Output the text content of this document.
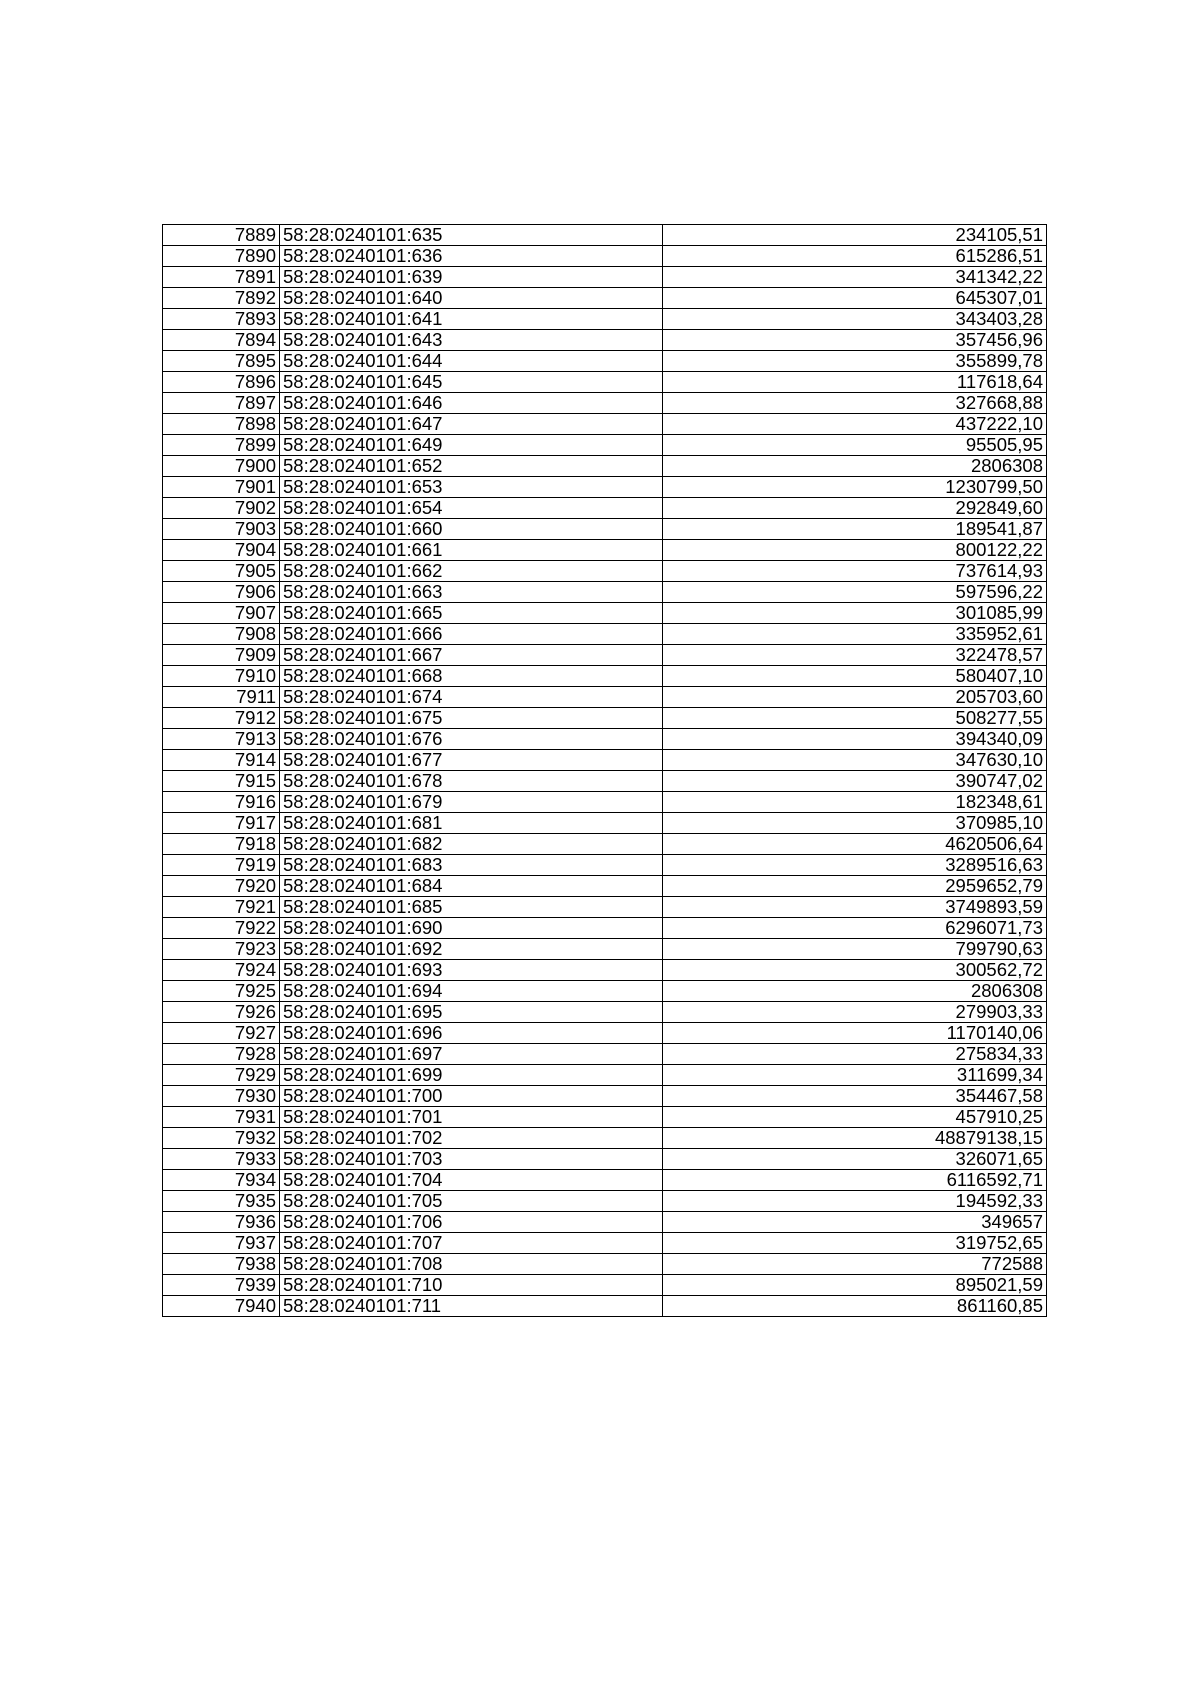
7889	58:28:0240101:635	234105,51
7890	58:28:0240101:636	615286,51
7891	58:28:0240101:639	341342,22
7892	58:28:0240101:640	645307,01
7893	58:28:0240101:641	343403,28
7894	58:28:0240101:643	357456,96
7895	58:28:0240101:644	355899,78
7896	58:28:0240101:645	117618,64
7897	58:28:0240101:646	327668,88
7898	58:28:0240101:647	437222,10
7899	58:28:0240101:649	95505,95
7900	58:28:0240101:652	2806308
7901	58:28:0240101:653	1230799,50
7902	58:28:0240101:654	292849,60
7903	58:28:0240101:660	189541,87
7904	58:28:0240101:661	800122,22
7905	58:28:0240101:662	737614,93
7906	58:28:0240101:663	597596,22
7907	58:28:0240101:665	301085,99
7908	58:28:0240101:666	335952,61
7909	58:28:0240101:667	322478,57
7910	58:28:0240101:668	580407,10
7911	58:28:0240101:674	205703,60
7912	58:28:0240101:675	508277,55
7913	58:28:0240101:676	394340,09
7914	58:28:0240101:677	347630,10
7915	58:28:0240101:678	390747,02
7916	58:28:0240101:679	182348,61
7917	58:28:0240101:681	370985,10
7918	58:28:0240101:682	4620506,64
7919	58:28:0240101:683	3289516,63
7920	58:28:0240101:684	2959652,79
7921	58:28:0240101:685	3749893,59
7922	58:28:0240101:690	6296071,73
7923	58:28:0240101:692	799790,63
7924	58:28:0240101:693	300562,72
7925	58:28:0240101:694	2806308
7926	58:28:0240101:695	279903,33
7927	58:28:0240101:696	1170140,06
7928	58:28:0240101:697	275834,33
7929	58:28:0240101:699	311699,34
7930	58:28:0240101:700	354467,58
7931	58:28:0240101:701	457910,25
7932	58:28:0240101:702	48879138,15
7933	58:28:0240101:703	326071,65
7934	58:28:0240101:704	6116592,71
7935	58:28:0240101:705	194592,33
7936	58:28:0240101:706	349657
7937	58:28:0240101:707	319752,65
7938	58:28:0240101:708	772588
7939	58:28:0240101:710	895021,59
7940	58:28:0240101:711	861160,85
